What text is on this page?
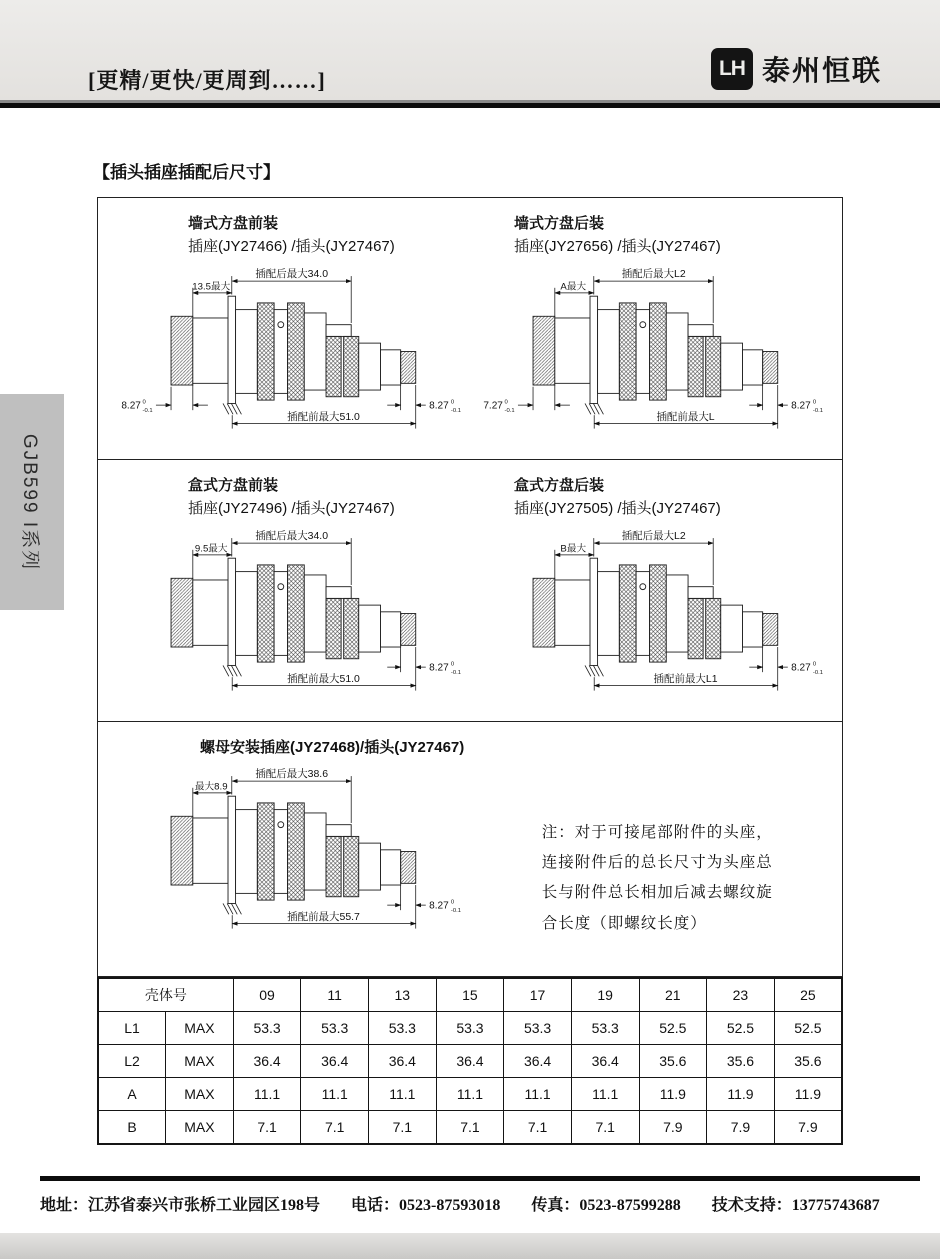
[更精/更快/更周到……]	LH 泰州恒联
GJB599 I系列
【插头插座插配后尺寸】
墙式方盘前装
插座(JY27466) /插头(JY27467)
插配后最大34.0
13.5最大
8.27 0
-0.1	8.27 0
-0.1
插配前最大51.0
墙式方盘后装
插座(JY27656) /插头(JY27467)
插配后最大L2
A最大
7.27 0
-0.1	8.27 0
-0.1
插配前最大L
盒式方盘前装
插座(JY27496) /插头(JY27467)
插配后最大34.0
9.5最大
8.27 0
-0.1
插配前最大51.0
盒式方盘后装
插座(JY27505) /插头(JY27467)
插配后最大L2
B最大
8.27 0
-0.1
插配前最大L1
螺母安装插座(JY27468)/插头(JY27467)
插配后最大38.6
最大8.9
8.27 0
-0.1
插配前最大55.7
注：对于可接尾部附件的头座，
连接附件后的总长尺寸为头座总
长与附件总长相加后减去螺纹旋
合长度（即螺纹长度）
壳体号		09	11	13	15	17	19	21	23	25
L1	MAX	53.3	53.3	53.3	53.3	53.3	53.3	52.5	52.5	52.5
L2	MAX	36.4	36.4	36.4	36.4	36.4	36.4	35.6	35.6	35.6
A	MAX	11.1	11.1	11.1	11.1	11.1	11.1	11.9	11.9	11.9
B	MAX	7.1	7.1	7.1	7.1	7.1	7.1	7.9	7.9	7.9
地址：江苏省泰兴市张桥工业园区198号 电话：0523-87593018 传真：0523-87599288 技术支持：13775743687
